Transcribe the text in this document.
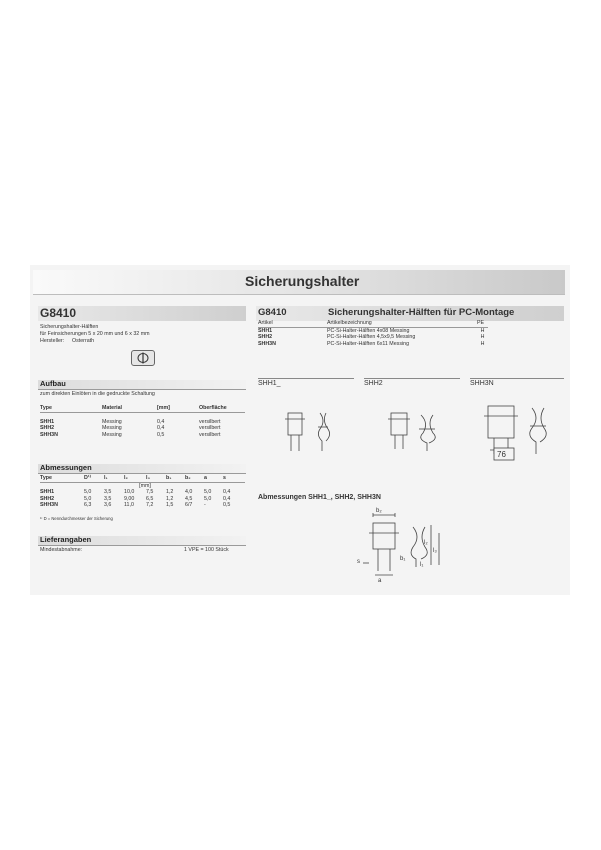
Sicherungshalter
G8410
Sicherungshalter-Hälften
für Feinsicherungen 5 x 20 mm und 6 x 32 mm
Hersteller: Osterrath
Aufbau
zum direkten Einlöten in die gedruckte Schaltung
Type	Material	[mm]	Oberfläche

SHH1	Messing	0,4	versilbert
SHH2	Messing	0,4	versilbert
SHH3N	Messing	0,5	versilbert
Abmessungen
Type	D¹⁾	l₁	l₂	l₃	b₁	b₂	a	s
			[mm]					
SHH1	5,0	3,5	10,0	7,5	1,2	4,0	5,0	0,4
SHH2	5,0	3,5	9,00	6,5	1,2	4,5	5,0	0,4
SHH3N	6,3	3,6	11,0	7,2	1,5	6/7	-	0,5
¹⁾ D = Nenndurchmesser der Sicherung
Lieferangaben
Mindestabnahme:	1 VPE = 100 Stück
G8410	Sicherungshalter-Hälften für PC-Montage
Artikel	Artikelbezeichnung	PE
SHH1	PC-Si-Halter-Hälften 4x08 Messing	H
SHH2	PC-Si-Halter-Hälften 4,5x9,5 Messing	H
SHH3N	PC-Si-Halter-Hälften 6x11 Messing	H
SHH1_	SHH2	SHH3N
76
Abmessungen SHH1_, SHH2, SHH3N
b₂
l₂
l₃
l₁
b₁
s
a
